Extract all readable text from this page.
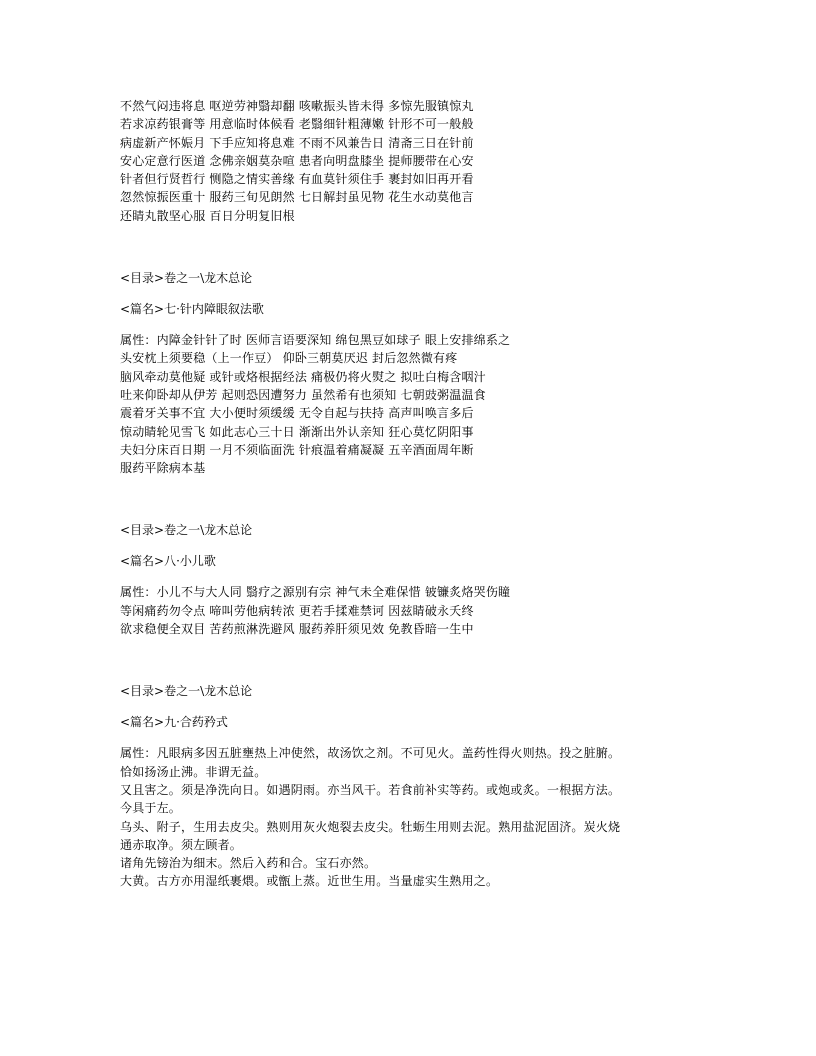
不然气闷违将息 呕逆劳神翳却翻 咳嗽振头皆未得 多惊先服镇惊丸
若求凉药银膏等 用意临时体候看 老翳细针粗薄嫩 针形不可一般般
病虚新产怀娠月 下手应知将息难 不雨不风兼告日 清斋三日在针前
安心定意行医道 念佛亲姻莫杂喧 患者向明盘膝坐 提师腰带在心安
针者但行贤哲行 恻隐之情实善缘 有血莫针须住手 裹封如旧再开看
忽然惊振医重十 服药三旬见朗然 七日解封虽见物 花生水动莫他言
还睛丸散坚心服 百日分明复旧根
<目录>卷之一\龙木总论
<篇名>七·针内障眼叙法歌
属性：内障金针针了时 医师言语要深知 绵包黑豆如球子 眼上安排绵系之
头安枕上须要稳（上一作豆） 仰卧三朝莫厌迟 封后忽然微有疼
脑风牵动莫他疑 或针或烙根据经法 痛极仍将火熨之 拟吐白梅含咽汁
吐来仰卧却从伊芳 起则恐因遭努力 虽然希有也须知 七朝豉粥温温食
震着牙关事不宜 大小便时须缓缓 无令自起与扶持 高声叫唤言多后
惊动睛轮见雪飞 如此志心三十日 渐渐出外认亲知 狂心莫忆阴阳事
夫妇分床百日期 一月不须临面洗 针痕温着痛凝凝 五辛酒面周年断
服药平除病本基
<目录>卷之一\龙木总论
<篇名>八·小儿歌
属性：小儿不与大人同 翳疗之源别有宗 神气未全难保惜 铍镰炙烙哭伤瞳
等闲痛药勿令点 啼叫劳他病转浓 更若手揉难禁诃 因兹睛破永夭终
欲求稳便全双目 苦药煎淋洗避风 服药养肝须见效 免教昏暗一生中
<目录>卷之一\龙木总论
<篇名>九·合药矜式
属性：凡眼病多因五脏壅热上冲使然，故汤饮之剂。不可见火。盖药性得火则热。投之脏腑。
恰如扬汤止沸。非谓无益。
又且害之。须是净洗向日。如遇阴雨。亦当风干。若食前补实等药。或炮或炙。一根据方法。
今具于左。
乌头、附子，生用去皮尖。熟则用灰火炮裂去皮尖。牡蛎生用则去泥。熟用盐泥固济。炭火烧
通赤取净。须左顾者。
诸角先镑治为细末。然后入药和合。宝石亦然。
大黄。古方亦用湿纸裹煨。或甑上蒸。近世生用。当量虚实生熟用之。
